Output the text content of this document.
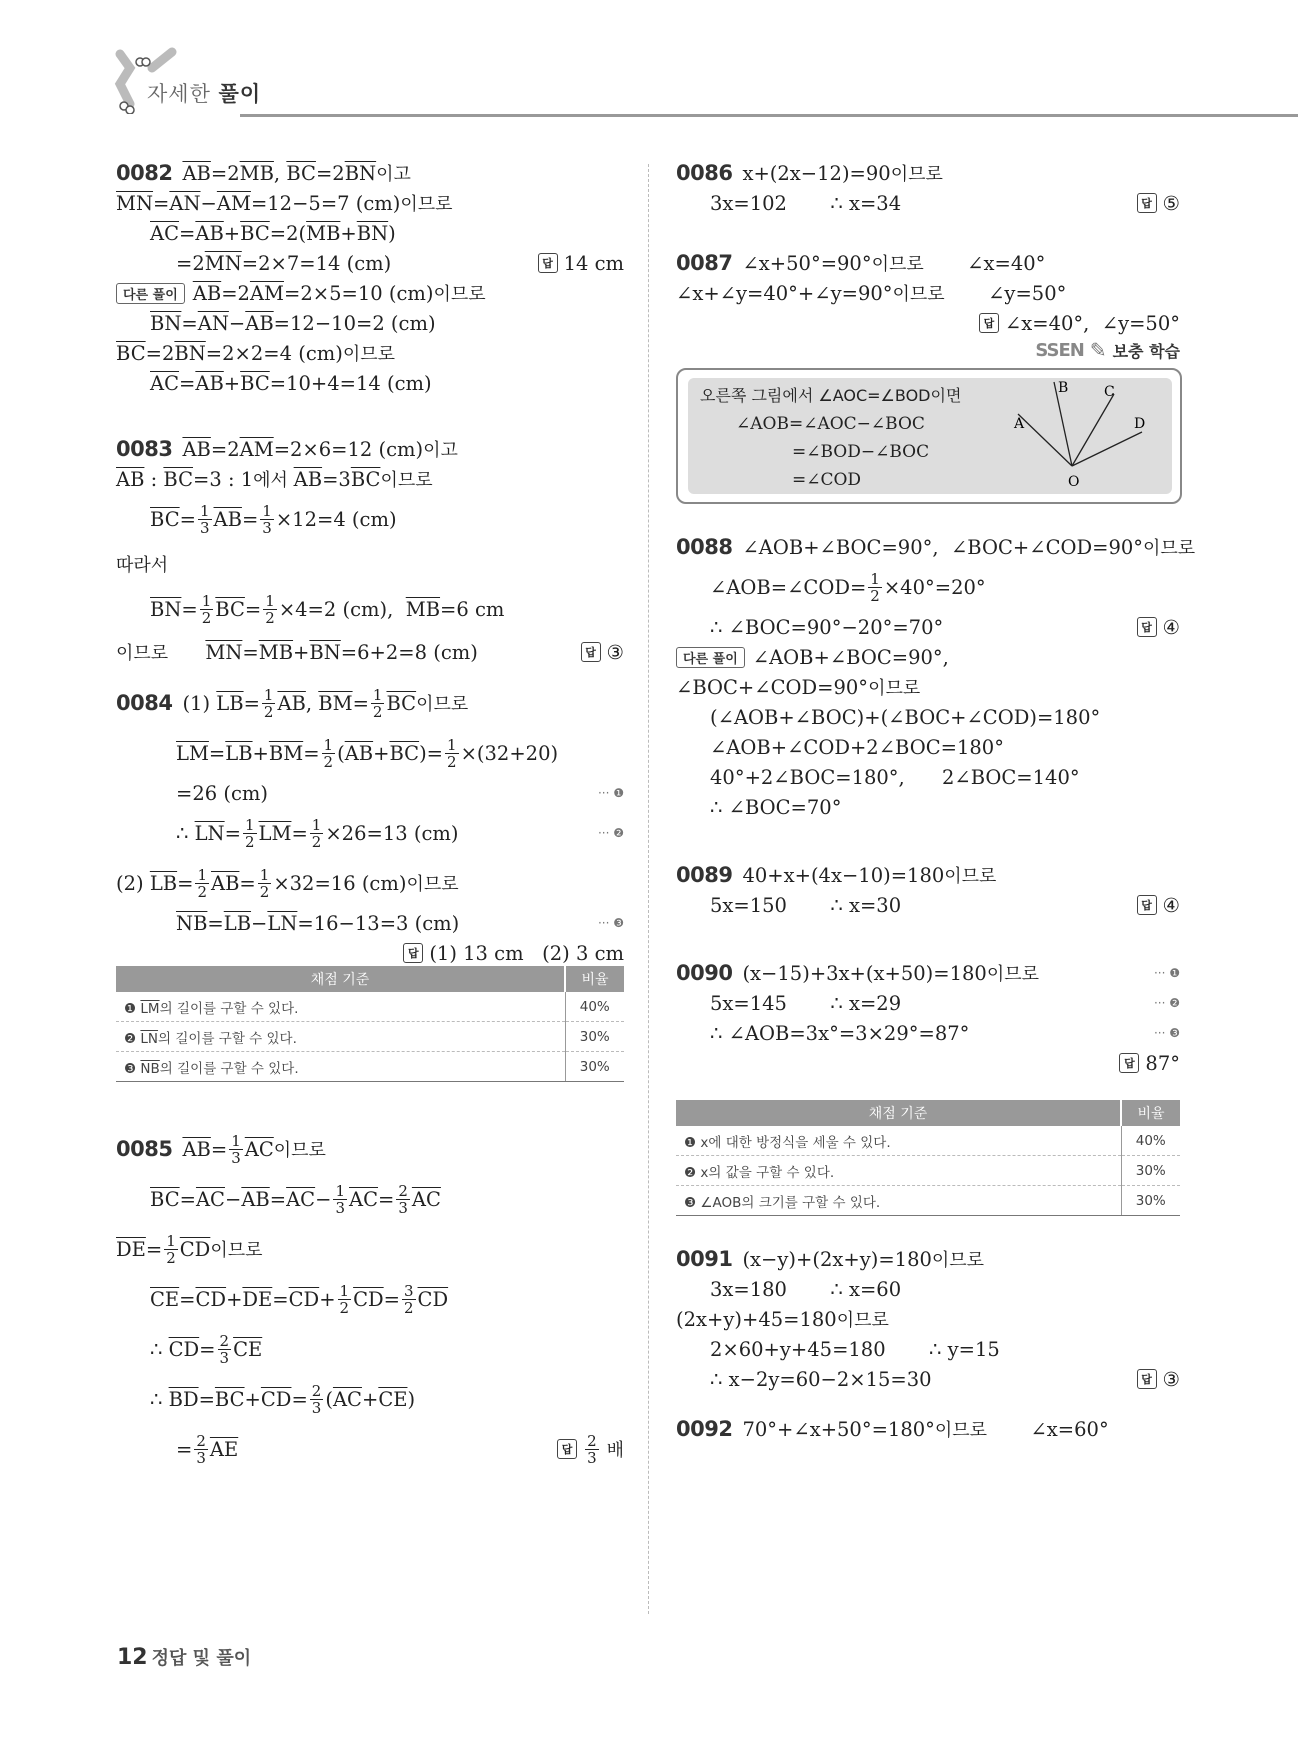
자세한 풀이
0082 $\overline{AB} =2$ $\overline{MB}$ , $\overline{BC} =2$ $\overline{BN}$ 이고
$\overline{MN} = \overline{AN} - \overline{AM} =12-5=7$ (cm) 이므로
$\overline{AC} = \overline{AB} + \overline{BC} =2$( $\overline{MB} + \overline{BN}$ )
=2 $\overline{MN} =2\times 7=14$ (cm)	답 14 cm
다른 풀이 $\overline{AB} =2$ $\overline{AM} =2\times 5=10$ (cm) 이므로
$\overline{BN} = \overline{AN} - \overline{AB} =12-10=2$ (cm)
$\overline{BC} =2$ $\overline{BN} =2\times 2=4$ (cm) 이므로
$\overline{AC} = \overline{AB} + \overline{BC} =10+4=14$ (cm)
0083 $\overline{AB} =2$ $\overline{AM} =2\times 6=12$ (cm) 이고
$\overline{AB}$ : $\overline{BC} =3$ : 1 에서 $\overline{AB} =3$ $\overline{BC}$ 이므로
$\overline{BC} = \frac{1}{3} \overline{AB} = \frac{1}{3} \times 12=4$ (cm)
따라서
$\overline{BN} = \frac{1}{2} \overline{BC} = \frac{1}{2} \times 4=2$ (cm), $\overline{MB} =6$ cm
이므로
$\overline{MN} = \overline{MB} + \overline{BN} =6+2=8$ (cm)	답 ③
0084 (1) $\overline{LB} = \frac{1}{2} \overline{AB}$ , $\overline{BM} = \frac{1}{2} \overline{BC}$ 이므로
$\overline{LM} = \overline{LB} + \overline{BM} = \frac{1}{2}$ ( $\overline{AB} + \overline{BC}$ )= $\frac{1}{2} \times(32+20)$
=26 (cm)	··· ❶
∴ $\overline{LN} = \frac{1}{2} \overline{LM} = \frac{1}{2} \times 26=13$ (cm)	··· ❷
(2) $\overline{LB} = \frac{1}{2} \overline{AB} = \frac{1}{2} \times 32=16$ (cm) 이므로
$\overline{NB} = \overline{LB} - \overline{LN} =16-13=3$ (cm)	··· ❸
답 (1) 13 cm   (2) 3 cm
채점 기준	비율
❶ $\overline{LM}$의 길이를 구할 수 있다.	40%
❷ $\overline{LN}$의 길이를 구할 수 있다.	30%
❸ $\overline{NB}$의 길이를 구할 수 있다.	30%
0085 $\overline{AB} = \frac{1}{3} \overline{AC}$ 이므로
$\overline{BC} = \overline{AC} - \overline{AB} = \overline{AC} - \frac{1}{3} \overline{AC} = \frac{2}{3} \overline{AC}$
$\overline{DE} = \frac{1}{2} \overline{CD}$ 이므로
$\overline{CE} = \overline{CD} + \overline{DE} = \overline{CD} + \frac{1}{2} \overline{CD} = \frac{3}{2} \overline{CD}$
∴ $\overline{CD} = \frac{2}{3} \overline{CE}$
∴ $\overline{BD} = \overline{BC} + \overline{CD} = \frac{2}{3}$ ( $\overline{AC} + \overline{CE}$ )
= $\frac{2}{3} \overline{AE}$	답 $\frac{2}{3}$ 배
0086 x+(2x−12)=90 이므로
3x=102       ∴ x=34	답 ⑤
0087 ∠x+50°=90° 이므로 ∠x=40°
∠x+∠y=40°+∠y=90° 이므로 ∠y=50°
답 ∠x=40°,  ∠y=50°
SSEN ✎ 보충 학습
오른쪽 그림에서 ∠AOC=∠BOD이면
∠AOB=∠AOC−∠BOC
=∠BOD−∠BOC
=∠COD
A
B	C
D
O
0088 ∠AOB+∠BOC=90°,  ∠BOC+∠COD=90° 이므로
∠AOB=∠COD= $\frac{1}{2} \times 40^\circ=20^\circ$
∴ ∠BOC=90°−20°=70°	답 ④
다른 풀이 ∠AOB+∠BOC=90°,
∠BOC+∠COD=90° 이므로
(∠AOB+∠BOC)+(∠BOC+∠COD)=180°
∠AOB+∠COD+2∠BOC=180°
40°+2∠BOC=180°,      2∠BOC=140°
∴ ∠BOC=70°
0089 40+x+(4x−10)=180 이므로
5x=150       ∴ x=30	답 ④
0090 (x−15)+3x+(x+50)=180 이므로	··· ❶
5x=145       ∴ x=29	··· ❷
∴ ∠AOB=3x°=3×29°=87°	··· ❸
답 87°
채점 기준	비율
❶ x에 대한 방정식을 세울 수 있다.	40%
❷ x의 값을 구할 수 있다.	30%
❸ ∠AOB의 크기를 구할 수 있다.	30%
0091 (x−y)+(2x+y)=180 이므로
3x=180       ∴ x=60
(2x+y)+45=180 이므로
2×60+y+45=180       ∴ y=15
∴ x−2y=60−2×15=30	답 ③
0092 70°+∠x+50°=180° 이므로 ∠x=60°
12 정답 및 풀이
